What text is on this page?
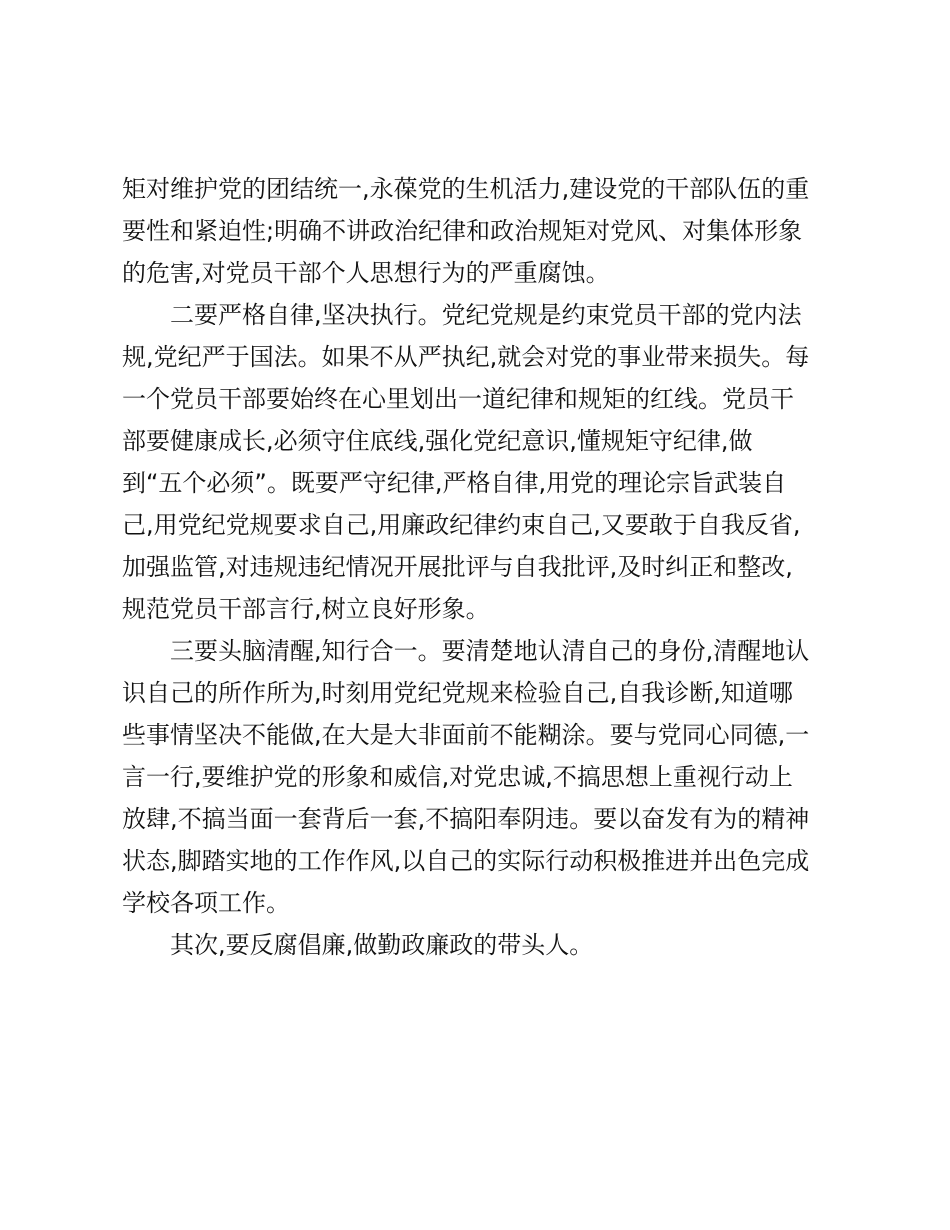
矩对维护党的团结统一,永葆党的生机活力,建设党的干部队伍的重
要性和紧迫性;明确不讲政治纪律和政治规矩对党风、对集体形象
的危害,对党员干部个人思想行为的严重腐蚀。
二要严格自律,坚决执行。党纪党规是约束党员干部的党内法
规,党纪严于国法。如果不从严执纪,就会对党的事业带来损失。每
一个党员干部要始终在心里划出一道纪律和规矩的红线。党员干
部要健康成长,必须守住底线,强化党纪意识,懂规矩守纪律,做
到“五个必须”。既要严守纪律,严格自律,用党的理论宗旨武装自
己,用党纪党规要求自己,用廉政纪律约束自己,又要敢于自我反省,
加强监管,对违规违纪情况开展批评与自我批评,及时纠正和整改,
规范党员干部言行,树立良好形象。
三要头脑清醒,知行合一。要清楚地认清自己的身份,清醒地认
识自己的所作所为,时刻用党纪党规来检验自己,自我诊断,知道哪
些事情坚决不能做,在大是大非面前不能糊涂。要与党同心同德,一
言一行,要维护党的形象和威信,对党忠诚,不搞思想上重视行动上
放肆,不搞当面一套背后一套,不搞阳奉阴违。要以奋发有为的精神
状态,脚踏实地的工作作风,以自己的实际行动积极推进并出色完成
学校各项工作。
其次,要反腐倡廉,做勤政廉政的带头人。
